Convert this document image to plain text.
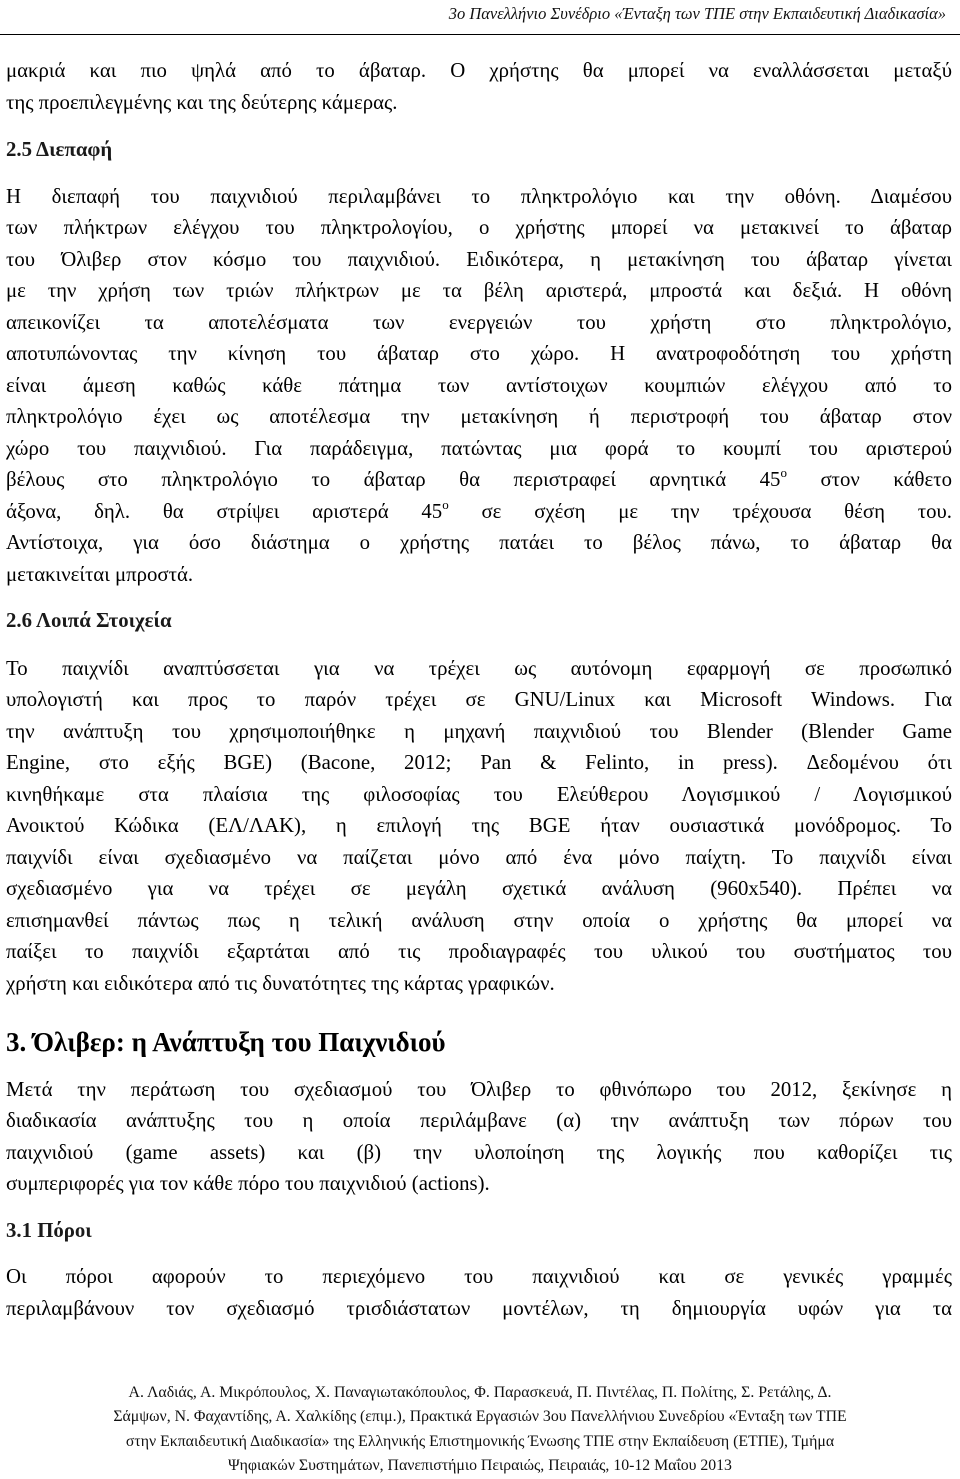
3ο Πανελλήνιο Συνέδριο «Ένταξη των ΤΠΕ στην Εκπαιδευτική Διαδικασία»
μακριά και πιο ψηλά από το άβαταρ. Ο χρήστης θα μπορεί να εναλλάσσεται μεταξύ
της προεπιλεγμένης και της δεύτερης κάμερας.
2.5 Διεπαφή
Η διεπαφή του παιχνιδιού περιλαμβάνει το πληκτρολόγιο και την οθόνη. Διαμέσου
των πλήκτρων ελέγχου του πληκτρολογίου, ο χρήστης μπορεί να μετακινεί το άβαταρ
του Όλιβερ στον κόσμο του παιχνιδιού. Ειδικότερα, η μετακίνηση του άβαταρ γίνεται
με την χρήση των τριών πλήκτρων με τα βέλη αριστερά, μπροστά και δεξιά. Η οθόνη
απεικονίζει τα αποτελέσματα των ενεργειών του χρήστη στο πληκτρολόγιο,
αποτυπώνοντας την κίνηση του άβαταρ στο χώρο. Η ανατροφοδότηση του χρήστη
είναι άμεση καθώς κάθε πάτημα των αντίστοιχων κουμπιών ελέγχου από το
πληκτρολόγιο έχει ως αποτέλεσμα την μετακίνηση ή περιστροφή του άβαταρ στον
χώρο του παιχνιδιού. Για παράδειγμα, πατώντας μια φορά το κουμπί του αριστερού
βέλους στο πληκτρολόγιο το άβαταρ θα περιστραφεί αρνητικά $45^o$ στον κάθετο
άξονα, δηλ. θα στρίψει αριστερά $45^o$ σε σχέση με την τρέχουσα θέση του.
Αντίστοιχα, για όσο διάστημα ο χρήστης πατάει το βέλος πάνω, το άβαταρ θα
μετακινείται μπροστά.
2.6 Λοιπά Στοιχεία
Το παιχνίδι αναπτύσσεται για να τρέχει ως αυτόνομη εφαρμογή σε προσωπικό
υπολογιστή και προς το παρόν τρέχει σε GNU/Linux και Microsoft Windows. Για
την ανάπτυξη του χρησιμοποιήθηκε η μηχανή παιχνιδιού του Blender (Blender Game
Engine, στο εξής BGE) (Bacone, 2012; Pan & Felinto, in press). Δεδομένου ότι
κινηθήκαμε στα πλαίσια της φιλοσοφίας του Ελεύθερου Λογισμικού / Λογισμικού
Ανοικτού Κώδικα (ΕΛ/ΛΑΚ), η επιλογή της BGE ήταν ουσιαστικά μονόδρομος. Το
παιχνίδι είναι σχεδιασμένο να παίζεται μόνο από ένα μόνο παίχτη. Το παιχνίδι είναι
σχεδιασμένο για να τρέχει σε μεγάλη σχετικά ανάλυση (960x540). Πρέπει να
επισημανθεί πάντως πως η τελική ανάλυση στην οποία ο χρήστης θα μπορεί να
παίξει το παιχνίδι εξαρτάται από τις προδιαγραφές του υλικού του συστήματος του
χρήστη και ειδικότερα από τις δυνατότητες της κάρτας γραφικών.
3. Όλιβερ: η Ανάπτυξη του Παιχνιδιού
Μετά την περάτωση του σχεδιασμού του Όλιβερ το φθινόπωρο του 2012, ξεκίνησε η
διαδικασία ανάπτυξης του η οποία περιλάμβανε (α) την ανάπτυξη των πόρων του
παιχνιδιού (game assets) και (β) την υλοποίηση της λογικής που καθορίζει τις
συμπεριφορές για τον κάθε πόρο του παιχνιδιού (actions).
3.1 Πόροι
Οι πόροι αφορούν το περιεχόμενο του παιχνιδιού και σε γενικές γραμμές
περιλαμβάνουν τον σχεδιασμό τρισδιάστατων μοντέλων, τη δημιουργία υφών για τα
Α. Λαδιάς, Α. Μικρόπουλος, Χ. Παναγιωτακόπουλος, Φ. Παρασκευά, Π. Πιντέλας, Π. Πολίτης, Σ. Ρετάλης, Δ.
Σάμψων, Ν. Φαχαντίδης, Α. Χαλκίδης (επιμ.), Πρακτικά Εργασιών 3ου Πανελλήνιου Συνεδρίου «Ένταξη των ΤΠΕ
στην Εκπαιδευτική Διαδικασία» της Ελληνικής Επιστημονικής Ένωσης ΤΠΕ στην Εκπαίδευση (ΕΤΠΕ), Τμήμα
Ψηφιακών Συστημάτων, Πανεπιστήμιο Πειραιώς, Πειραιάς, 10-12 Μαΐου 2013
